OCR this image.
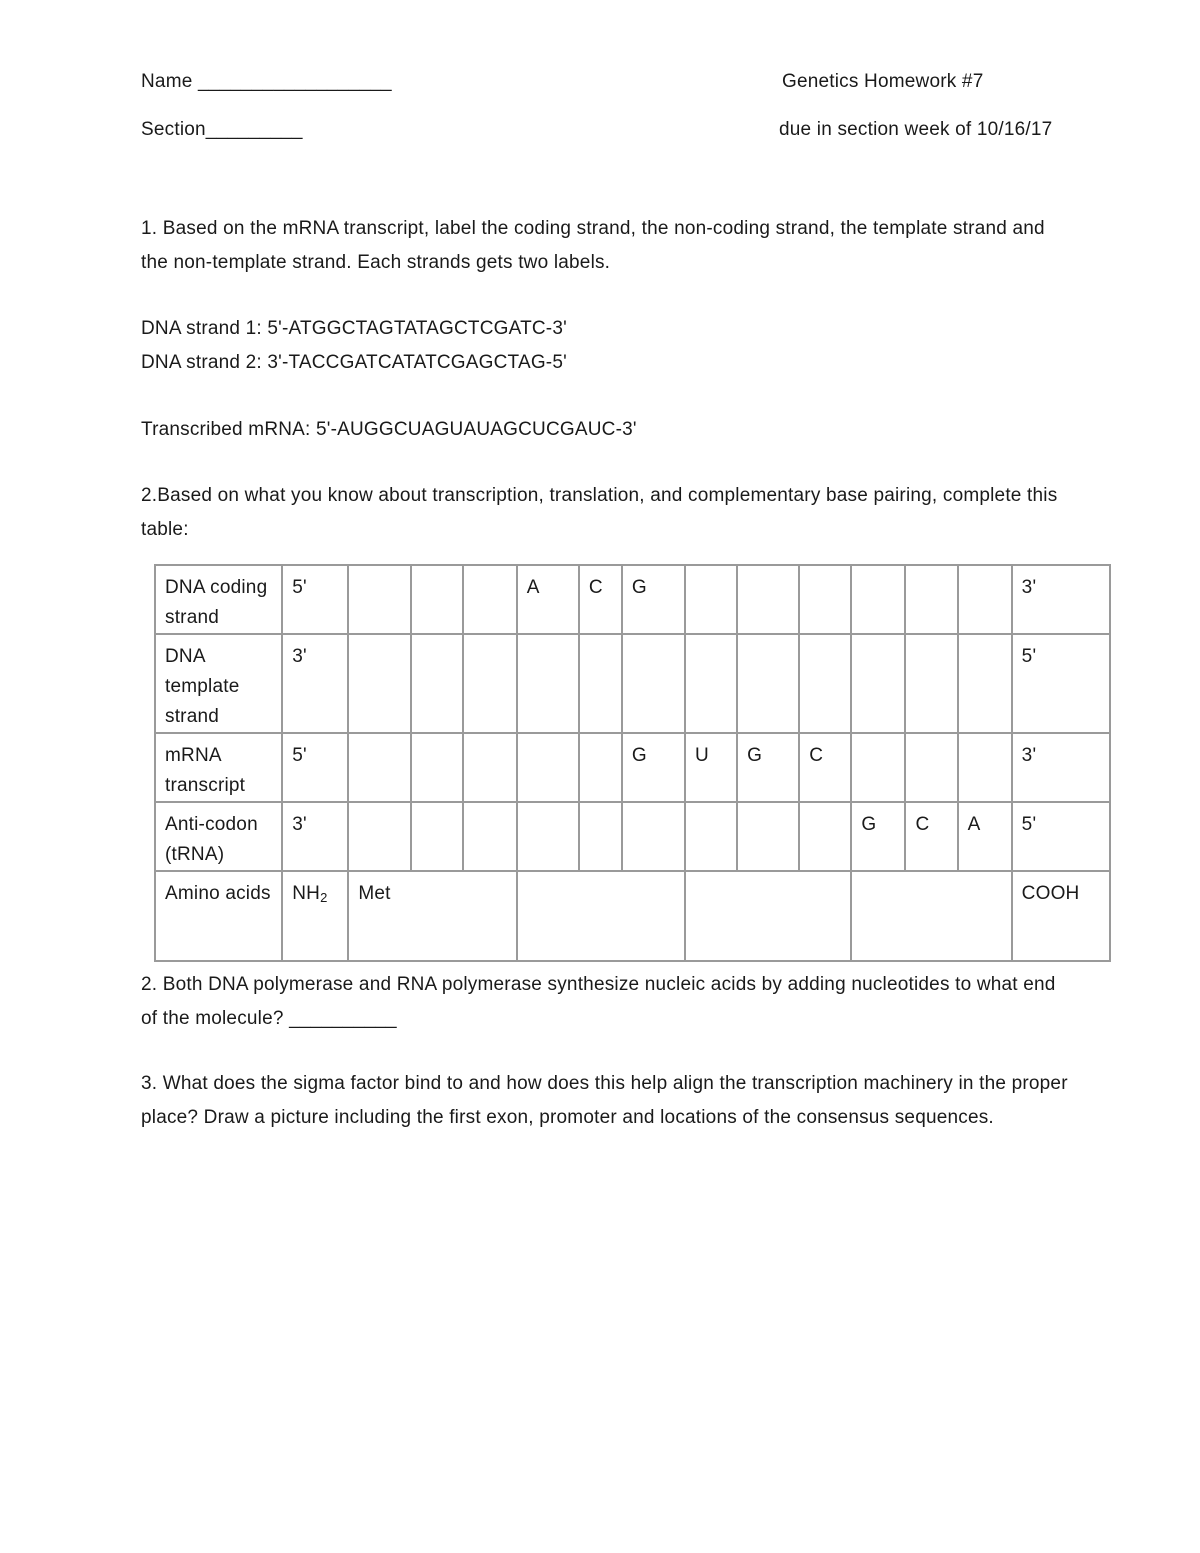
Name __________________	Genetics Homework #7
Section_________	due in section week of 10/16/17
1. Based on the mRNA transcript, label the coding strand, the non-coding strand, the template strand and the non-template strand. Each strands gets two labels.
DNA strand 1: 5'-ATGGCTAGTATAGCTCGATC-3'
DNA strand 2: 3'-TACCGATCATATCGAGCTAG-5'
Transcribed mRNA: 5'-AUGGCUAGUAUAGCUCGAUC-3'
2.Based on what you know about transcription, translation, and complementary base pairing, complete this table:
DNA coding strand	5'				A	C	G							3'
DNA template strand	3'													5'
mRNA transcript	5'						G	U	G	C				3'
Anti-codon (tRNA)	3'										G	C	A	5'
Amino acids	$NH_2$	Met												COOH
2. Both DNA polymerase and RNA polymerase synthesize nucleic acids by adding nucleotides to what end of the molecule? __________
3. What does the sigma factor bind to and how does this help align the transcription machinery in the proper place? Draw a picture including the first exon, promoter and locations of the consensus sequences.
